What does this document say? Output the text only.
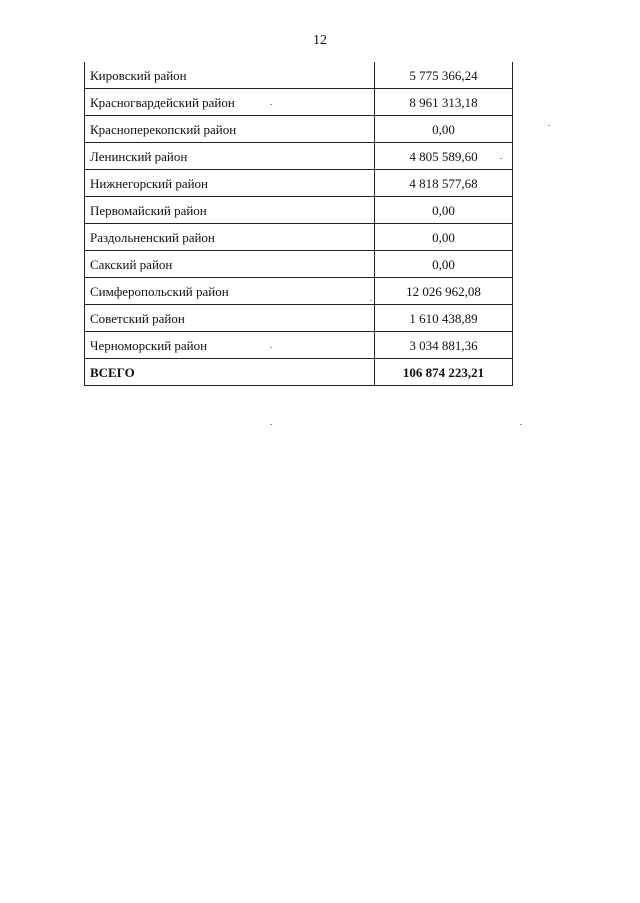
12
Кировский район	5 775 366,24
Красногвардейский район	8 961 313,18
Красноперекопский район	0,00
Ленинский район	4 805 589,60
Нижнегорский район	4 818 577,68
Первомайский район	0,00
Раздольненский район	0,00
Сакский район	0,00
Симферопольский район	12 026 962,08
Советский район	1 610 438,89
Черноморский район	3 034 881,36
ВСЕГО	106 874 223,21
